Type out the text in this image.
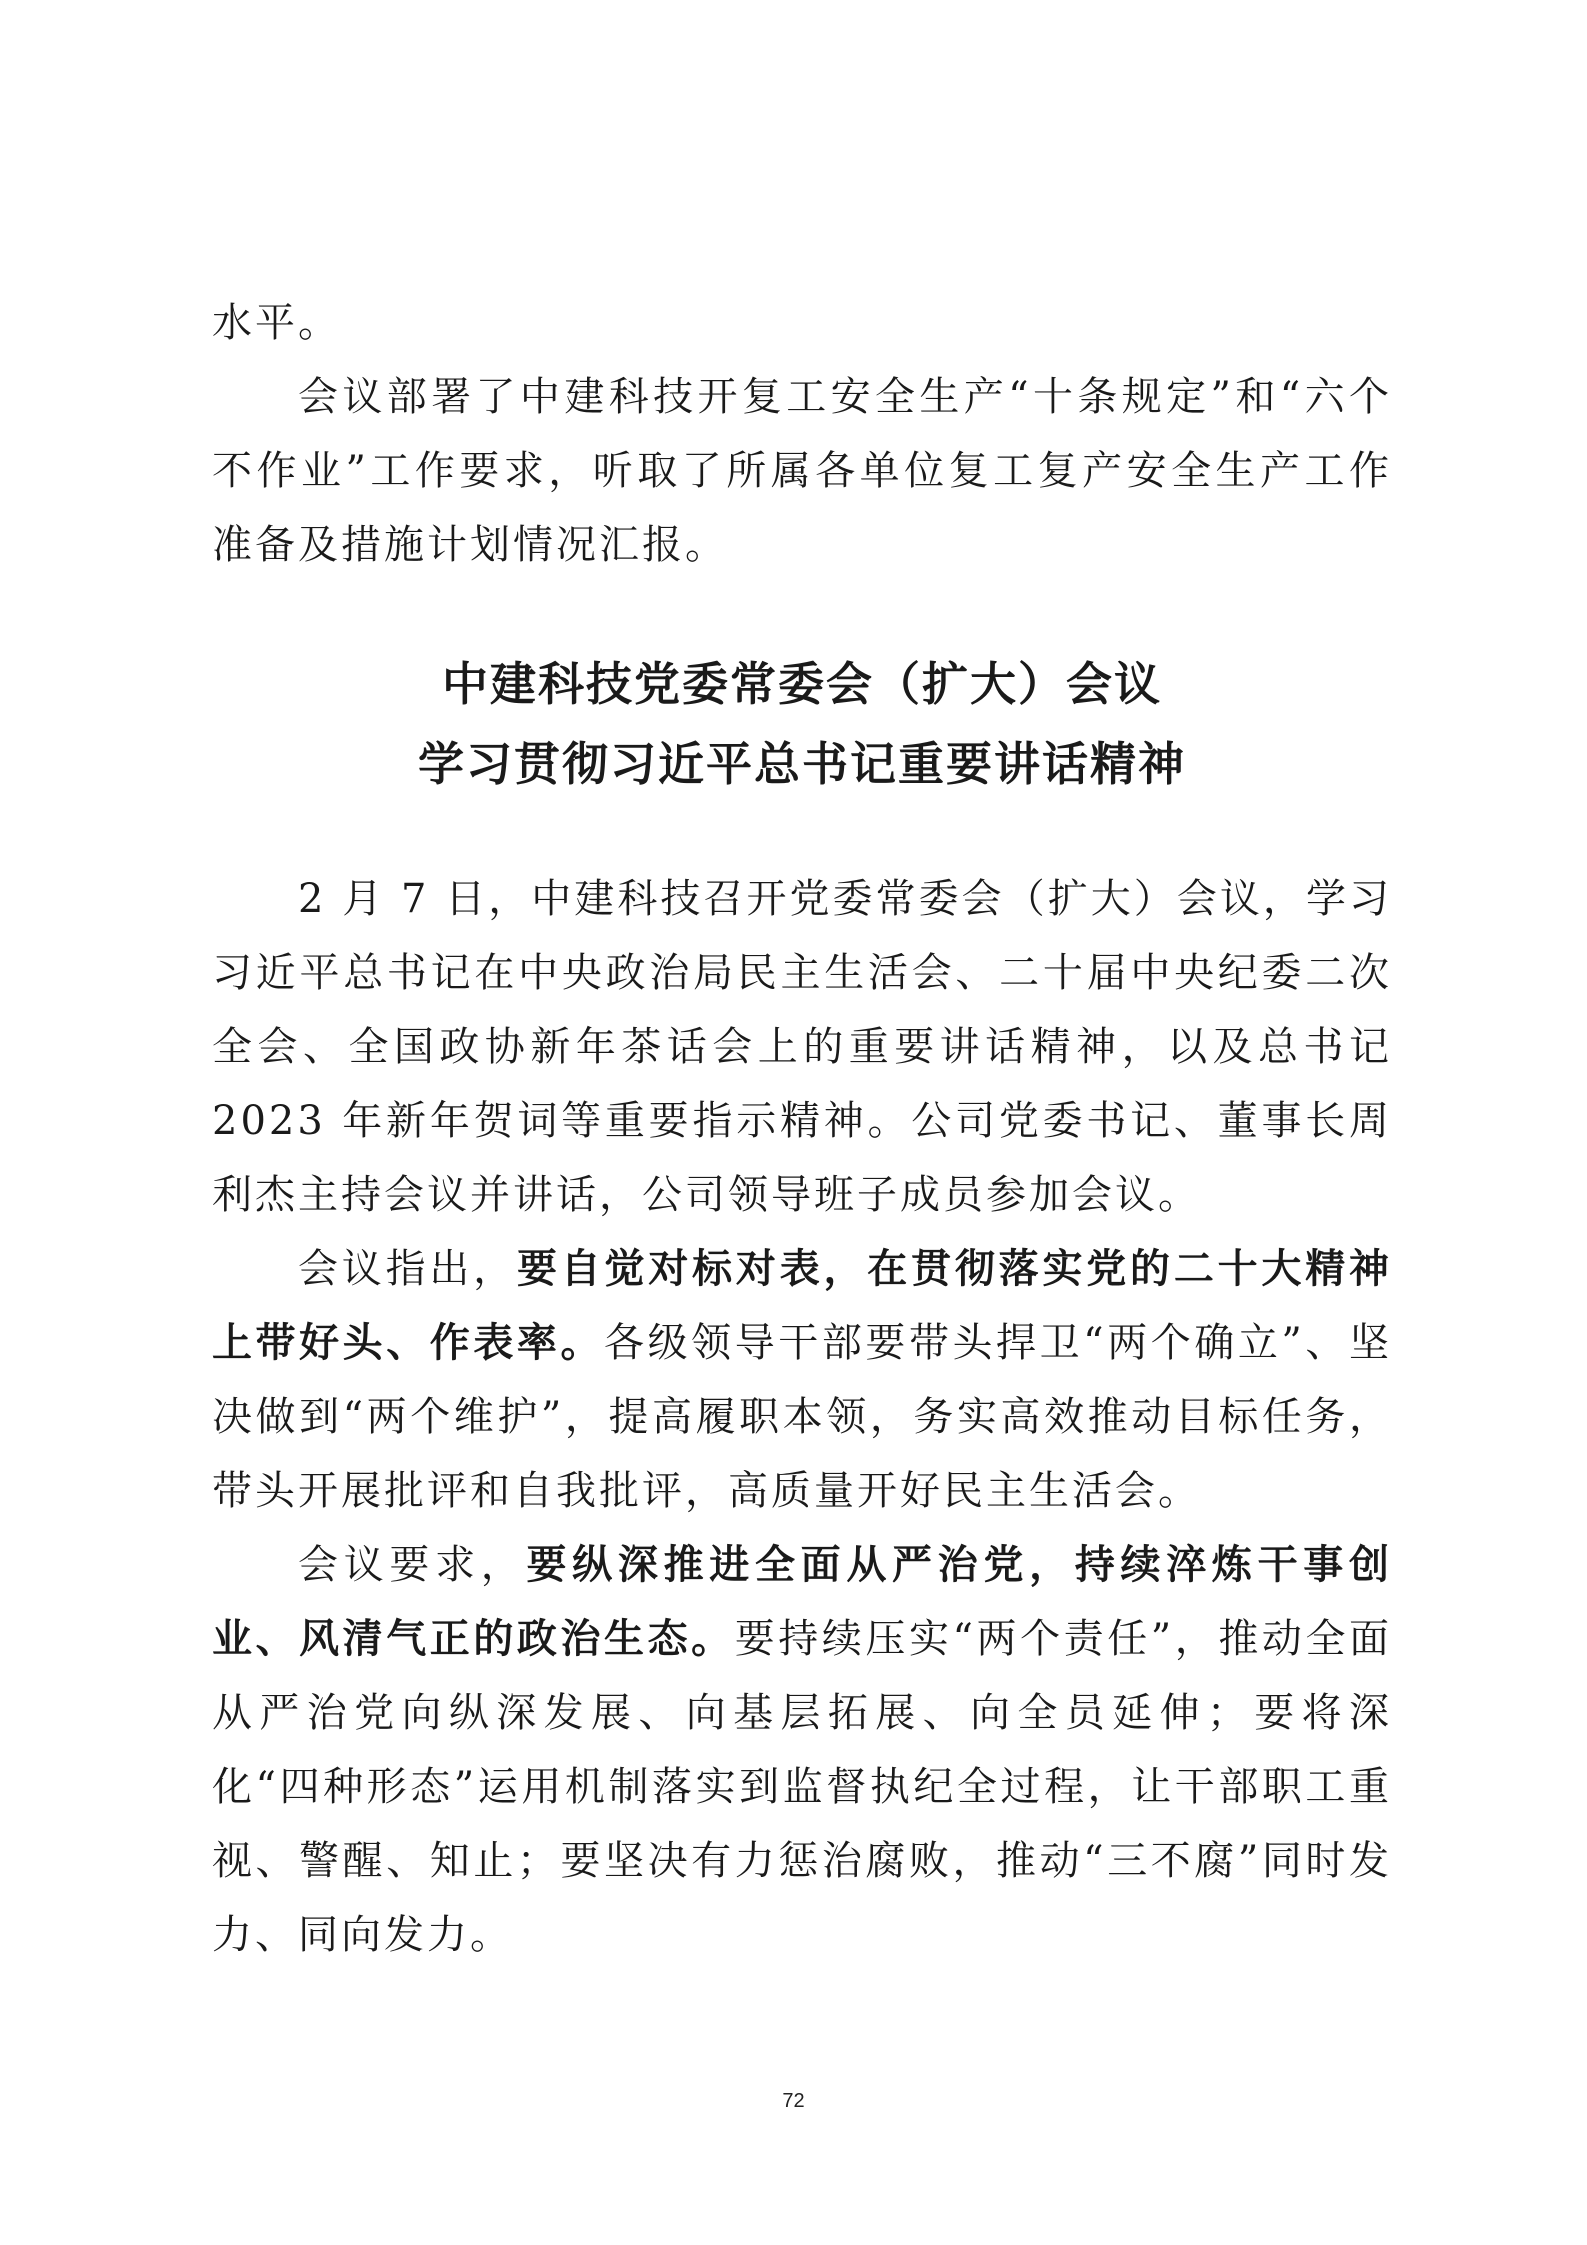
水平。

会议部署了中建科技开复工安全生产“十条规定”和“六个不作业”工作要求，听取了所属各单位复工复产安全生产工作准备及措施计划情况汇报。

中建科技党委常委会（扩大）会议
学习贯彻习近平总书记重要讲话精神

2 月 7 日，中建科技召开党委常委会（扩大）会议，学习习近平总书记在中央政治局民主生活会、二十届中央纪委二次全会、全国政协新年茶话会上的重要讲话精神，以及总书记 2023 年新年贺词等重要指示精神。公司党委书记、董事长周利杰主持会议并讲话，公司领导班子成员参加会议。

会议指出，要自觉对标对表，在贯彻落实党的二十大精神上带好头、作表率。各级领导干部要带头捍卫“两个确立”、坚决做到“两个维护”，提高履职本领，务实高效推动目标任务，带头开展批评和自我批评，高质量开好民主生活会。

会议要求，要纵深推进全面从严治党，持续淬炼干事创业、风清气正的政治生态。要持续压实“两个责任”，推动全面从严治党向纵深发展、向基层拓展、向全员延伸；要将深化“四种形态”运用机制落实到监督执纪全过程，让干部职工重视、警醒、知止；要坚决有力惩治腐败，推动“三不腐”同时发力、同向发力。

72
